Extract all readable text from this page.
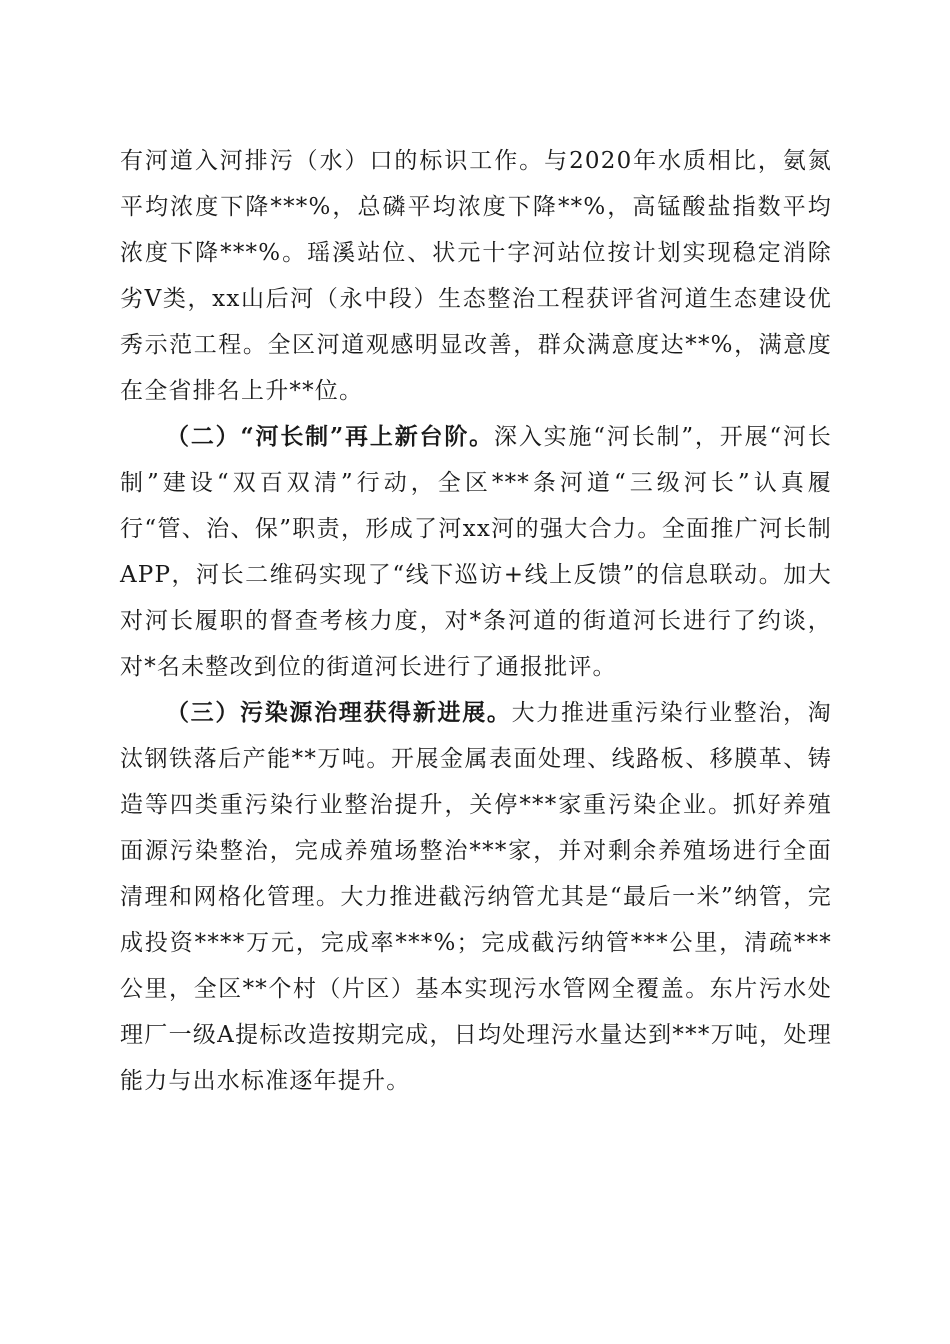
有河道入河排污（水）口的标识工作。与2020年水质相比，氨氮平均浓度下降***%，总磷平均浓度下降**%，高锰酸盐指数平均浓度下降***%。瑶溪站位、状元十字河站位按计划实现稳定消除劣Ⅴ类，xx山后河（永中段）生态整治工程获评省河道生态建设优秀示范工程。全区河道观感明显改善，群众满意度达**%，满意度在全省排名上升**位。

（二）“河长制”再上新台阶。深入实施“河长制”，开展“河长制”建设“双百双清”行动，全区***条河道“三级河长”认真履行“管、治、保”职责，形成了河xx河的强大合力。全面推广河长制APP，河长二维码实现了“线下巡访+线上反馈”的信息联动。加大对河长履职的督查考核力度，对*条河道的街道河长进行了约谈，对*名未整改到位的街道河长进行了通报批评。

（三）污染源治理获得新进展。大力推进重污染行业整治，淘汰钢铁落后产能**万吨。开展金属表面处理、线路板、移膜革、铸造等四类重污染行业整治提升，关停***家重污染企业。抓好养殖面源污染整治，完成养殖场整治***家，并对剩余养殖场进行全面清理和网格化管理。大力推进截污纳管尤其是“最后一米”纳管，完成投资****万元，完成率***%；完成截污纳管***公里，清疏***公里，全区**个村（片区）基本实现污水管网全覆盖。东片污水处理厂一级A提标改造按期完成，日均处理污水量达到***万吨，处理能力与出水标准逐年提升。
